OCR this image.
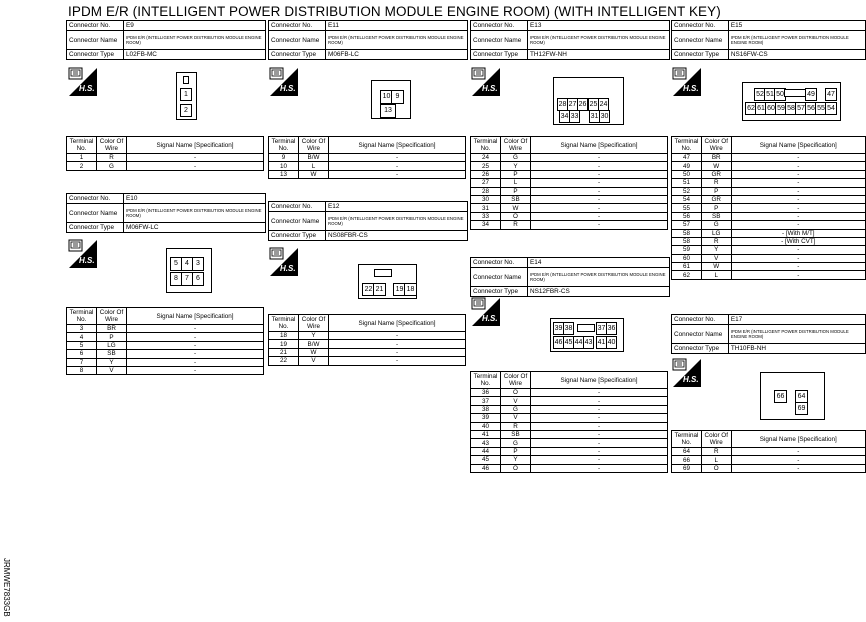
IPDM E/R (INTELLIGENT POWER DISTRIBUTION MODULE ENGINE ROOM) (WITH INTELLIGENT KEY)
JRMWE7833GB
Connector No.	E9
Connector Name	IPDM E/R (INTELLIGENT POWER DISTRIBUTION MODULE ENGINE ROOM)
Connector Type	L02FB-MC
H.S.
1
2
Terminal No.	Color Of Wire	Signal Name [Specification]
1	R	-
2	G	-
Connector No.	E10
Connector Name	IPDM E/R (INTELLIGENT POWER DISTRIBUTION MODULE ENGINE ROOM)
Connector Type	M06FW-LC
H.S.	5	4	3
8	7	6
Terminal No.	Color Of Wire	Signal Name [Specification]
3	BR	-
4	P	-
5	LG	-
6	SB	-
7	Y	-
8	V	-
Connector No.	E11
Connector Name	IPDM E/R (INTELLIGENT POWER DISTRIBUTION MODULE ENGINE ROOM)
Connector Type	M06FB-LC
H.S.
10 9
13
Terminal No.	Color Of Wire	Signal Name [Specification]
9	B/W	-
10	L	-
13	W	-
Connector No.	E12
Connector Name	IPDM E/R (INTELLIGENT POWER DISTRIBUTION MODULE ENGINE ROOM)
Connector Type	NS08FBR-CS
H.S.
22 21	19 18
Terminal No.	Color Of Wire	Signal Name [Specification]
18	Y	-
19	B/W	-
21	W	-
22	V	-
Connector No.	E13
Connector Name	IPDM E/R (INTELLIGENT POWER DISTRIBUTION MODULE ENGINE ROOM)
Connector Type	TH12FW-NH
H.S.
28 27 26 25 24
34 33 31 30
Terminal No.	Color Of Wire	Signal Name [Specification]
24	G	-
25	Y	-
26	P	-
27	L	-
28	P	-
30	SB	-
31	W	-
33	O	-
34	R	-
Connector No.	E14
Connector Name	IPDM E/R (INTELLIGENT POWER DISTRIBUTION MODULE ENGINE ROOM)
Connector Type	NS12FBR-CS
H.S.
39 38	37 36
46 45 44 43 41 40
Terminal No.	Color Of Wire	Signal Name [Specification]
36	O	-
37	V	-
38	G	-
39	V	-
40	R	-
41	SB	-
43	G	-
44	P	-
45	Y	-
46	O	-
Connector No.	E15
Connector Name	IPDM E/R (INTELLIGENT POWER DISTRIBUTION MODULE ENGINE ROOM)
Connector Type	NS16FW-CS
H.S.
52 51 50	49	47
62 61 60 59 58 57 56 55 54
Terminal No.	Color Of Wire	Signal Name [Specification]
47	BR	-
49	W	-
50	GR	-
51	R	-
52	P	-
54	GR	-
55	P	-
56	SB	-
57	G	-
58	LG	- [With M/T]
58	R	- [With CVT]
59	Y	-
60	V	-
61	W	-
62	L	-
Connector No.	E17
Connector Name	IPDM E/R (INTELLIGENT POWER DISTRIBUTION MODULE ENGINE ROOM)
Connector Type	TH10FB-NH
H.S.
66	64
69
Terminal No.	Color Of Wire	Signal Name [Specification]
64	R	-
66	L	-
69	O	-
